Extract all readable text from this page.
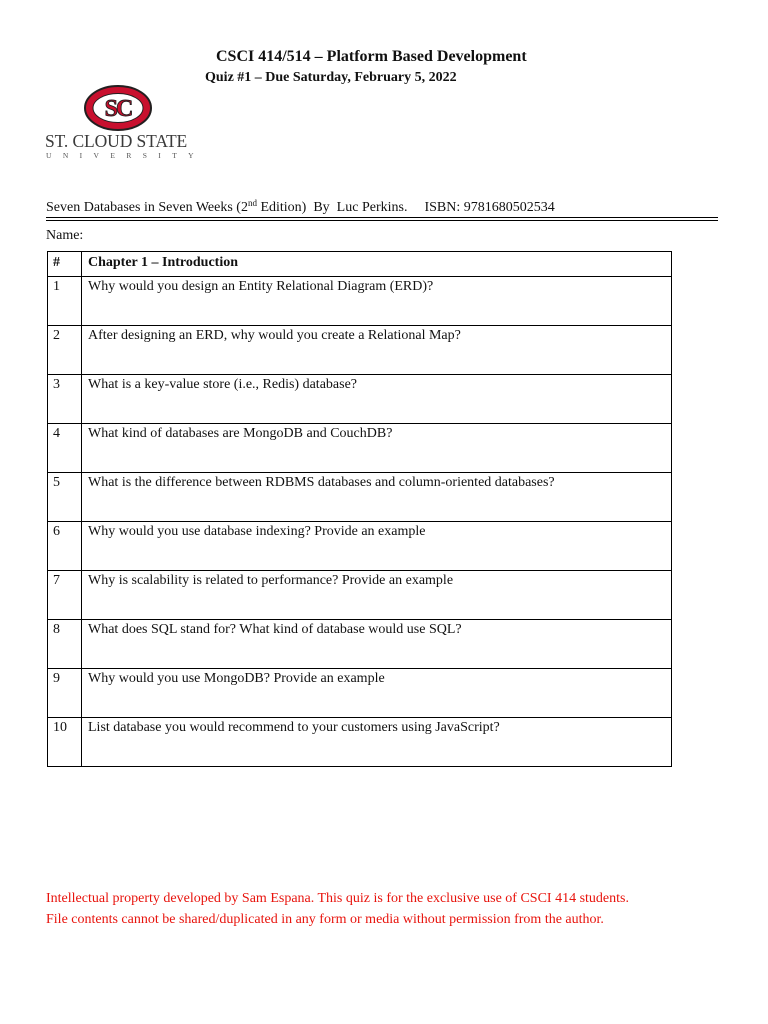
CSCI 414/514 – Platform Based Development
Quiz #1 – Due Saturday, February 5, 2022
SC
ST. CLOUD STATE
UNIVERSITY
Seven Databases in Seven Weeks (2nd Edition) By  Luc Perkins. ISBN: 9781680502534
Name:
#	Chapter 1 – Introduction
1	Why would you design an Entity Relational Diagram (ERD)?
2	After designing an ERD, why would you create a Relational Map?
3	What is a key-value store (i.e., Redis) database?
4	What kind of databases are MongoDB and CouchDB?
5	What is the difference between RDBMS databases and column-oriented databases?
6	Why would you use database indexing? Provide an example
7	Why is scalability is related to performance? Provide an example
8	What does SQL stand for? What kind of database would use SQL?
9	Why would you use MongoDB? Provide an example
10	List database you would recommend to your customers using JavaScript?
Intellectual property developed by Sam Espana. This quiz is for the exclusive use of CSCI 414 students.
File contents cannot be shared/duplicated in any form or media without permission from the author.
